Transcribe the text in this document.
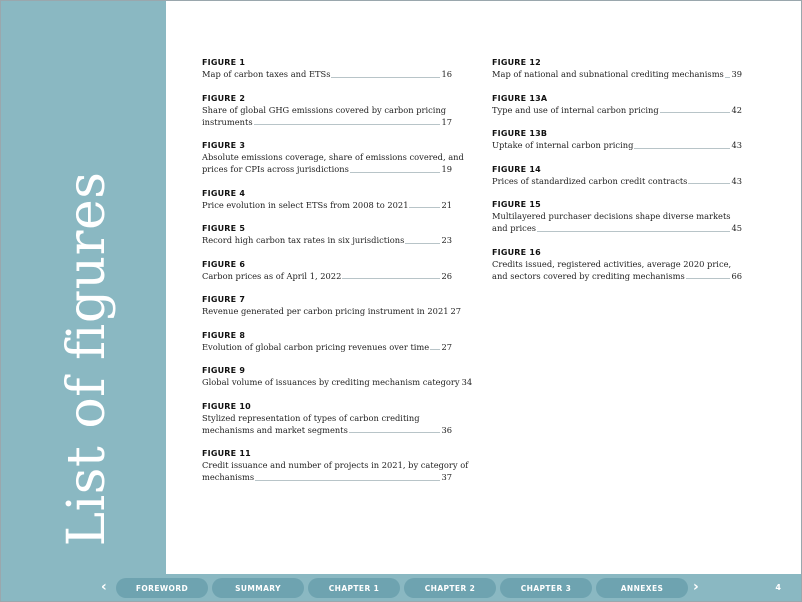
List of figures
FIGURE 1
Map of carbon taxes and ETSs	16
FIGURE 2
Share of global GHG emissions covered by carbon pricing
instruments	17
FIGURE 3
Absolute emissions coverage, share of emissions covered, and
prices for CPIs across jurisdictions	19
FIGURE 4
Price evolution in select ETSs from 2008 to 2021	21
FIGURE 5
Record high carbon tax rates in six jurisdictions	23
FIGURE 6
Carbon prices as of April 1, 2022	26
FIGURE 7
Revenue generated per carbon pricing instrument in 2021 27
FIGURE 8
Evolution of global carbon pricing revenues over time 27
FIGURE 9
Global volume of issuances by crediting mechanism category 34
FIGURE 10
Stylized representation of types of carbon crediting
mechanisms and market segments	36
FIGURE 11
Credit issuance and number of projects in 2021, by category of
mechanisms	37
FIGURE 12
Map of national and subnational crediting mechanisms 39
FIGURE 13A
Type and use of internal carbon pricing	42
FIGURE 13B
Uptake of internal carbon pricing	43
FIGURE 14
Prices of standardized carbon credit contracts	43
FIGURE 15
Multilayered purchaser decisions shape diverse markets
and prices	45
FIGURE 16
Credits issued, registered activities, average 2020 price,
and sectors covered by crediting mechanisms	66
‹	FOREWORD	SUMMARY	CHAPTER 1	CHAPTER 2	CHAPTER 3	ANNEXES	›	4
